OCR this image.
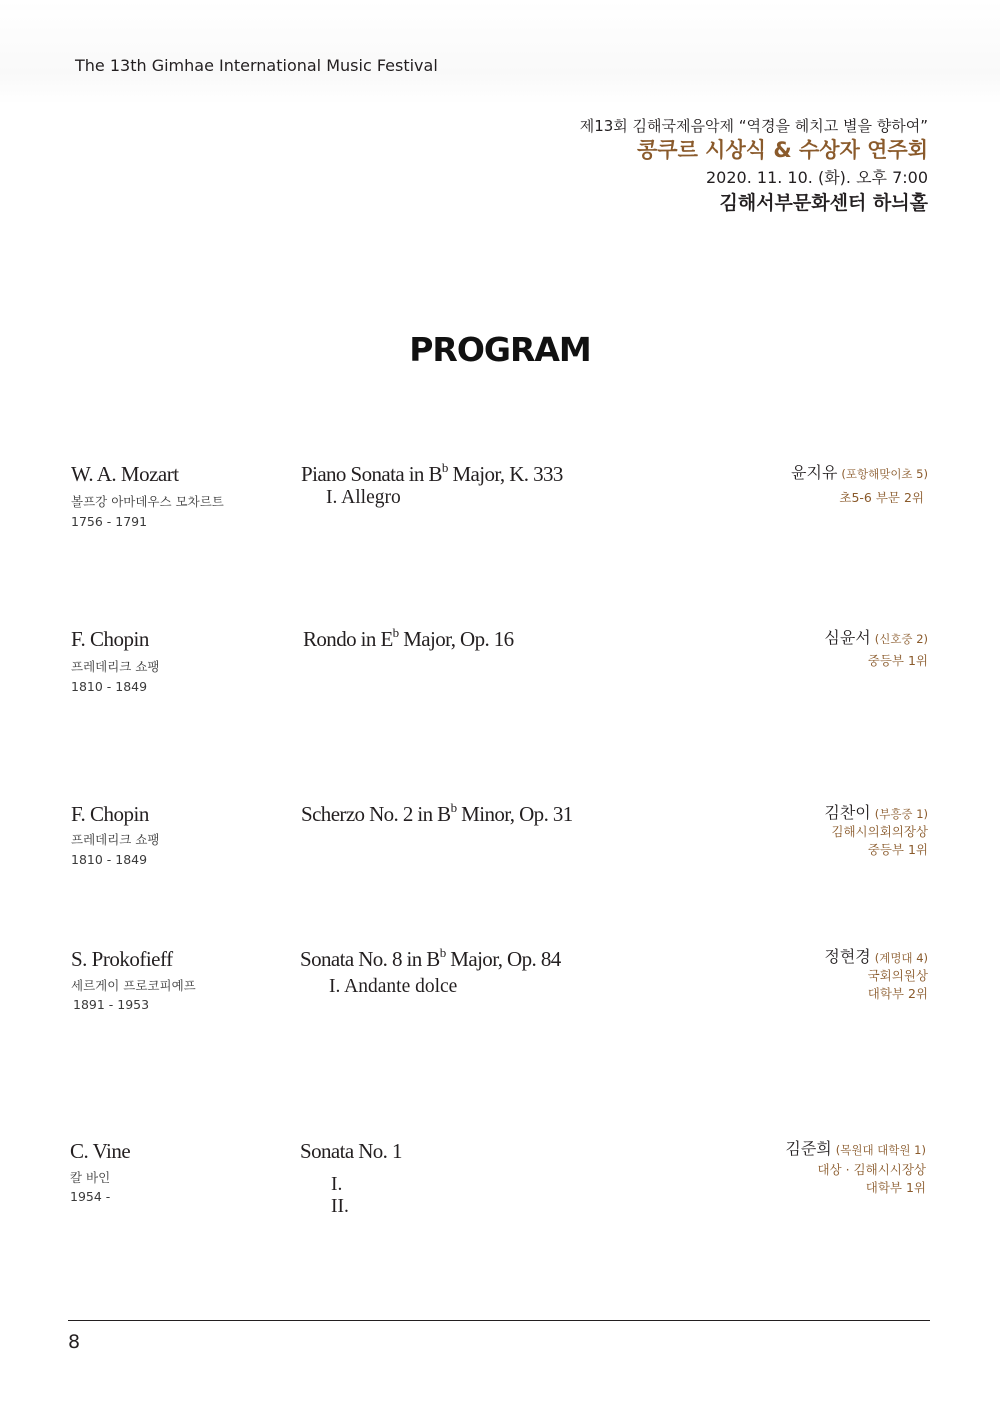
The 13th Gimhae International Music Festival
제13회 김해국제음악제 “역경을 헤치고 별을 향하여”
콩쿠르 시상식 & 수상자 연주회
2020. 11. 10. (화). 오후 7:00
김해서부문화센터 하늬홀
PROGRAM
W. A. Mozart
볼프강 아마데우스 모차르트
1756 - 1791
Piano Sonata in $B^b$ Major, K. 333
I. Allegro
윤지유 (포항해맞이초 5)
초5-6 부문 2위
F. Chopin
프레데리크 쇼팽
1810 - 1849
Rondo in $E^b$ Major, Op. 16	심윤서 (신호중 2)
중등부 1위
F. Chopin
프레데리크 쇼팽
1810 - 1849
Scherzo No. 2 in $B^b$ Minor, Op. 31	김찬이 (부흥중 1)
김해시의회의장상
중등부 1위
S. Prokofieff
세르게이 프로코피예프
1891 - 1953
Sonata No. 8 in $B^b$ Major, Op. 84
I. Andante dolce
정현경 (계명대 4)
국회의원상
대학부 2위
C. Vine
칼 바인
1954 -
Sonata No. 1
I.
II.
김준희 (목원대 대학원 1)
대상 · 김해시시장상
대학부 1위
8
